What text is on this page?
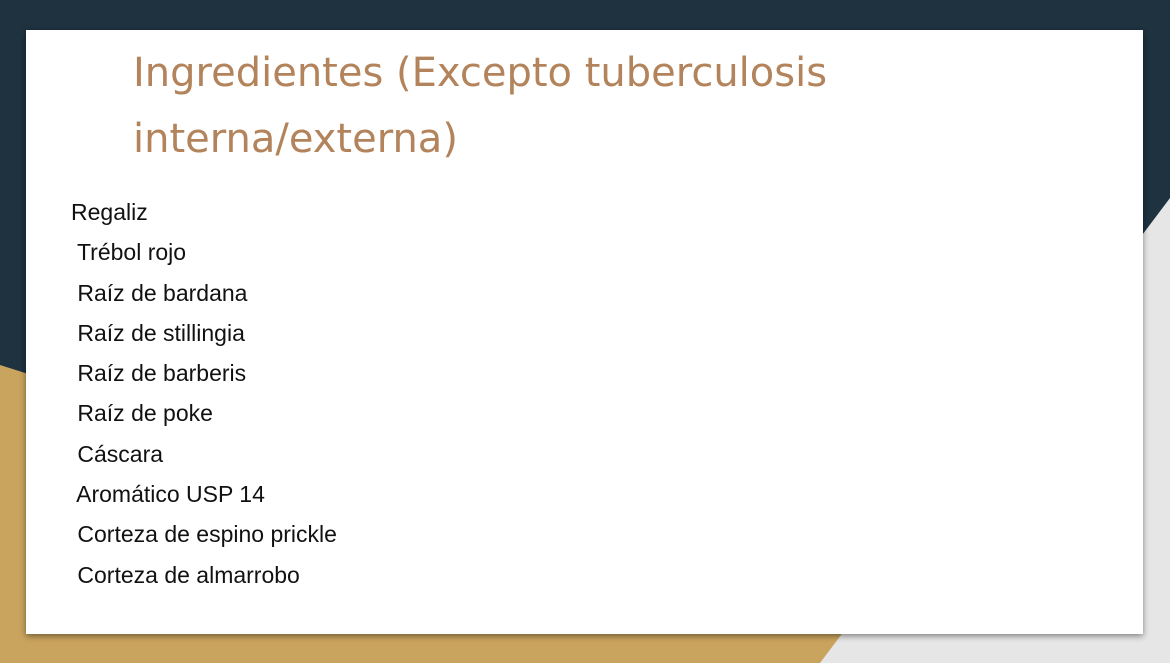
Ingredientes (Excepto tuberculosis interna/externa)
Regaliz
Trébol rojo
Raíz de bardana
Raíz de stillingia
Raíz de barberis
Raíz de poke
Cáscara
Aromático USP 14
Corteza de espino prickle
Corteza de almarrobo
